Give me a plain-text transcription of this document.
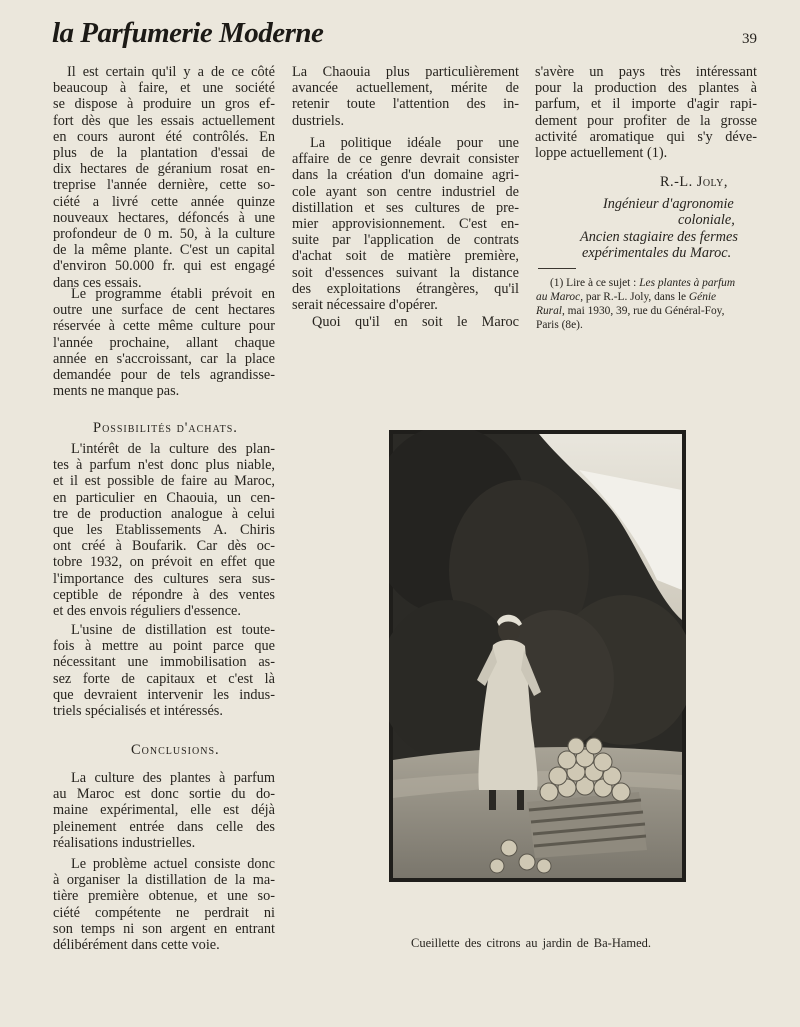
la Parfumerie Moderne	39
Il est certain qu'il y a de ce côté
beaucoup à faire, et une société
se dispose à produire un gros ef-
fort dès que les essais actuellement
en cours auront été contrôlés. En
plus de la plantation d'essai de
dix hectares de géranium rosat en-
treprise l'année dernière, cette so-
ciété a livré cette année quinze
nouveaux hectares, défoncés à une
profondeur de 0 m. 50, à la culture
de la même plante. C'est un capital
d'environ 50.000 fr. qui est engagé
dans ces essais.
Le programme établi prévoit en
outre une surface de cent hectares
réservée à cette même culture pour
l'année prochaine, allant chaque
année en s'accroissant, car la place
demandée pour de tels agrandisse-
ments ne manque pas.
L'intérêt de la culture des plan-
tes à parfum n'est donc plus niable,
et il est possible de faire au Maroc,
en particulier en Chaouia, un cen-
tre de production analogue à celui
que les Etablissements A. Chiris
ont créé à Boufarik. Car dès oc-
tobre 1932, on prévoit en effet que
l'importance des cultures sera sus-
ceptible de répondre à des ventes
et des envois réguliers d'essence.
L'usine de distillation est toute-
fois à mettre au point parce que
nécessitant une immobilisation as-
sez forte de capitaux et c'est là
que devraient intervenir les indus-
triels spécialisés et intéressés.
La culture des plantes à parfum
au Maroc est donc sortie du do-
maine expérimental, elle est déjà
pleinement entrée dans celle des
réalisations industrielles.
Le problème actuel consiste donc
à organiser la distillation de la ma-
tière première obtenue, et une so-
ciété compétente ne perdrait ni
son temps ni son argent en entrant
délibérément dans cette voie.
Possibilités d'achats.
Conclusions.
La Chaouia plus particulièrement
avancée actuellement, mérite de
retenir toute l'attention des in-
dustriels.
La politique idéale pour une
affaire de ce genre devrait consister
dans la création d'un domaine agri-
cole ayant son centre industriel de
distillation et ses cultures de pre-
mier approvisionnement. C'est en-
suite par l'application de contrats
d'achat soit de matière première,
soit d'essences suivant la distance
des exploitations étrangères, qu'il
serait nécessaire d'opérer.
Quoi qu'il en soit le Maroc
s'avère un pays très intéressant
pour la production des plantes à
parfum, et il importe d'agir rapi-
dement pour profiter de la grosse
activité aromatique qui s'y déve-
loppe actuellement (1).
R.-L. Joly,
Ingénieur d'agronomie
coloniale,
Ancien stagiaire des fermes
expérimentales du Maroc.
(1) Lire à ce sujet : Les plantes à parfum
au Maroc, par R.-L. Joly, dans le Génie
Rural, mai 1930, 39, rue du Général-Foy,
Paris (8e).
Cueillette des citrons au jardin de Ba-Hamed.
